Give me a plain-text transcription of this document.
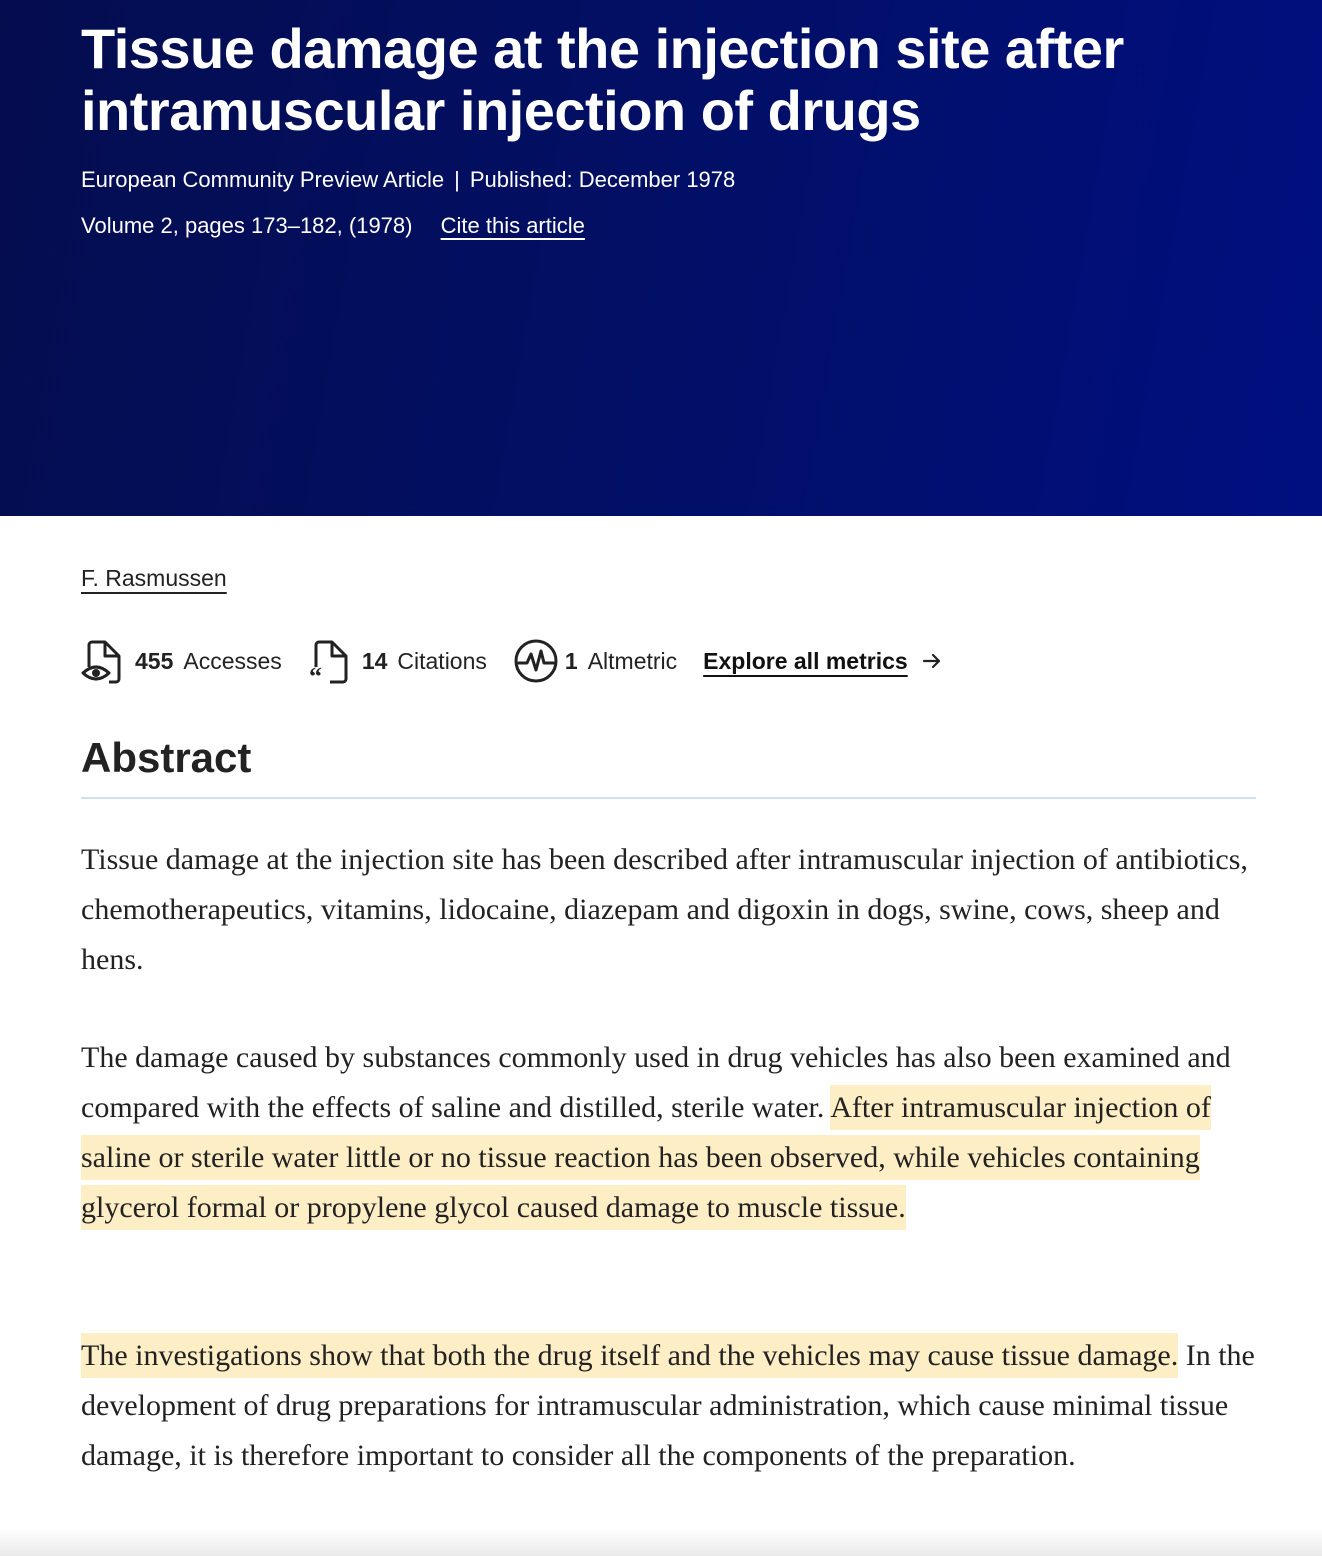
Tissue damage at the injection site after intramuscular injection of drugs
European Community Preview Article | Published: December 1978
Volume 2, pages 173–182, (1978) Cite this article
F. Rasmussen
455 Accesses
“
14 Citations	1 Altmetric Explore all metrics
Abstract

Tissue damage at the injection site has been described after intramuscular injection of antibiotics, chemotherapeutics, vitamins, lidocaine, diazepam and digoxin in dogs, swine, cows, sheep and hens.

The damage caused by substances commonly used in drug vehicles has also been examined and compared with the effects of saline and distilled, sterile water. After intramuscular injection of saline or sterile water little or no tissue reaction has been observed, while vehicles containing glycerol formal or propylene glycol caused damage to muscle tissue.

The investigations show that both the drug itself and the vehicles may cause tissue damage. In the development of drug preparations for intramuscular administration, which cause minimal tissue damage, it is therefore important to consider all the components of the preparation.
